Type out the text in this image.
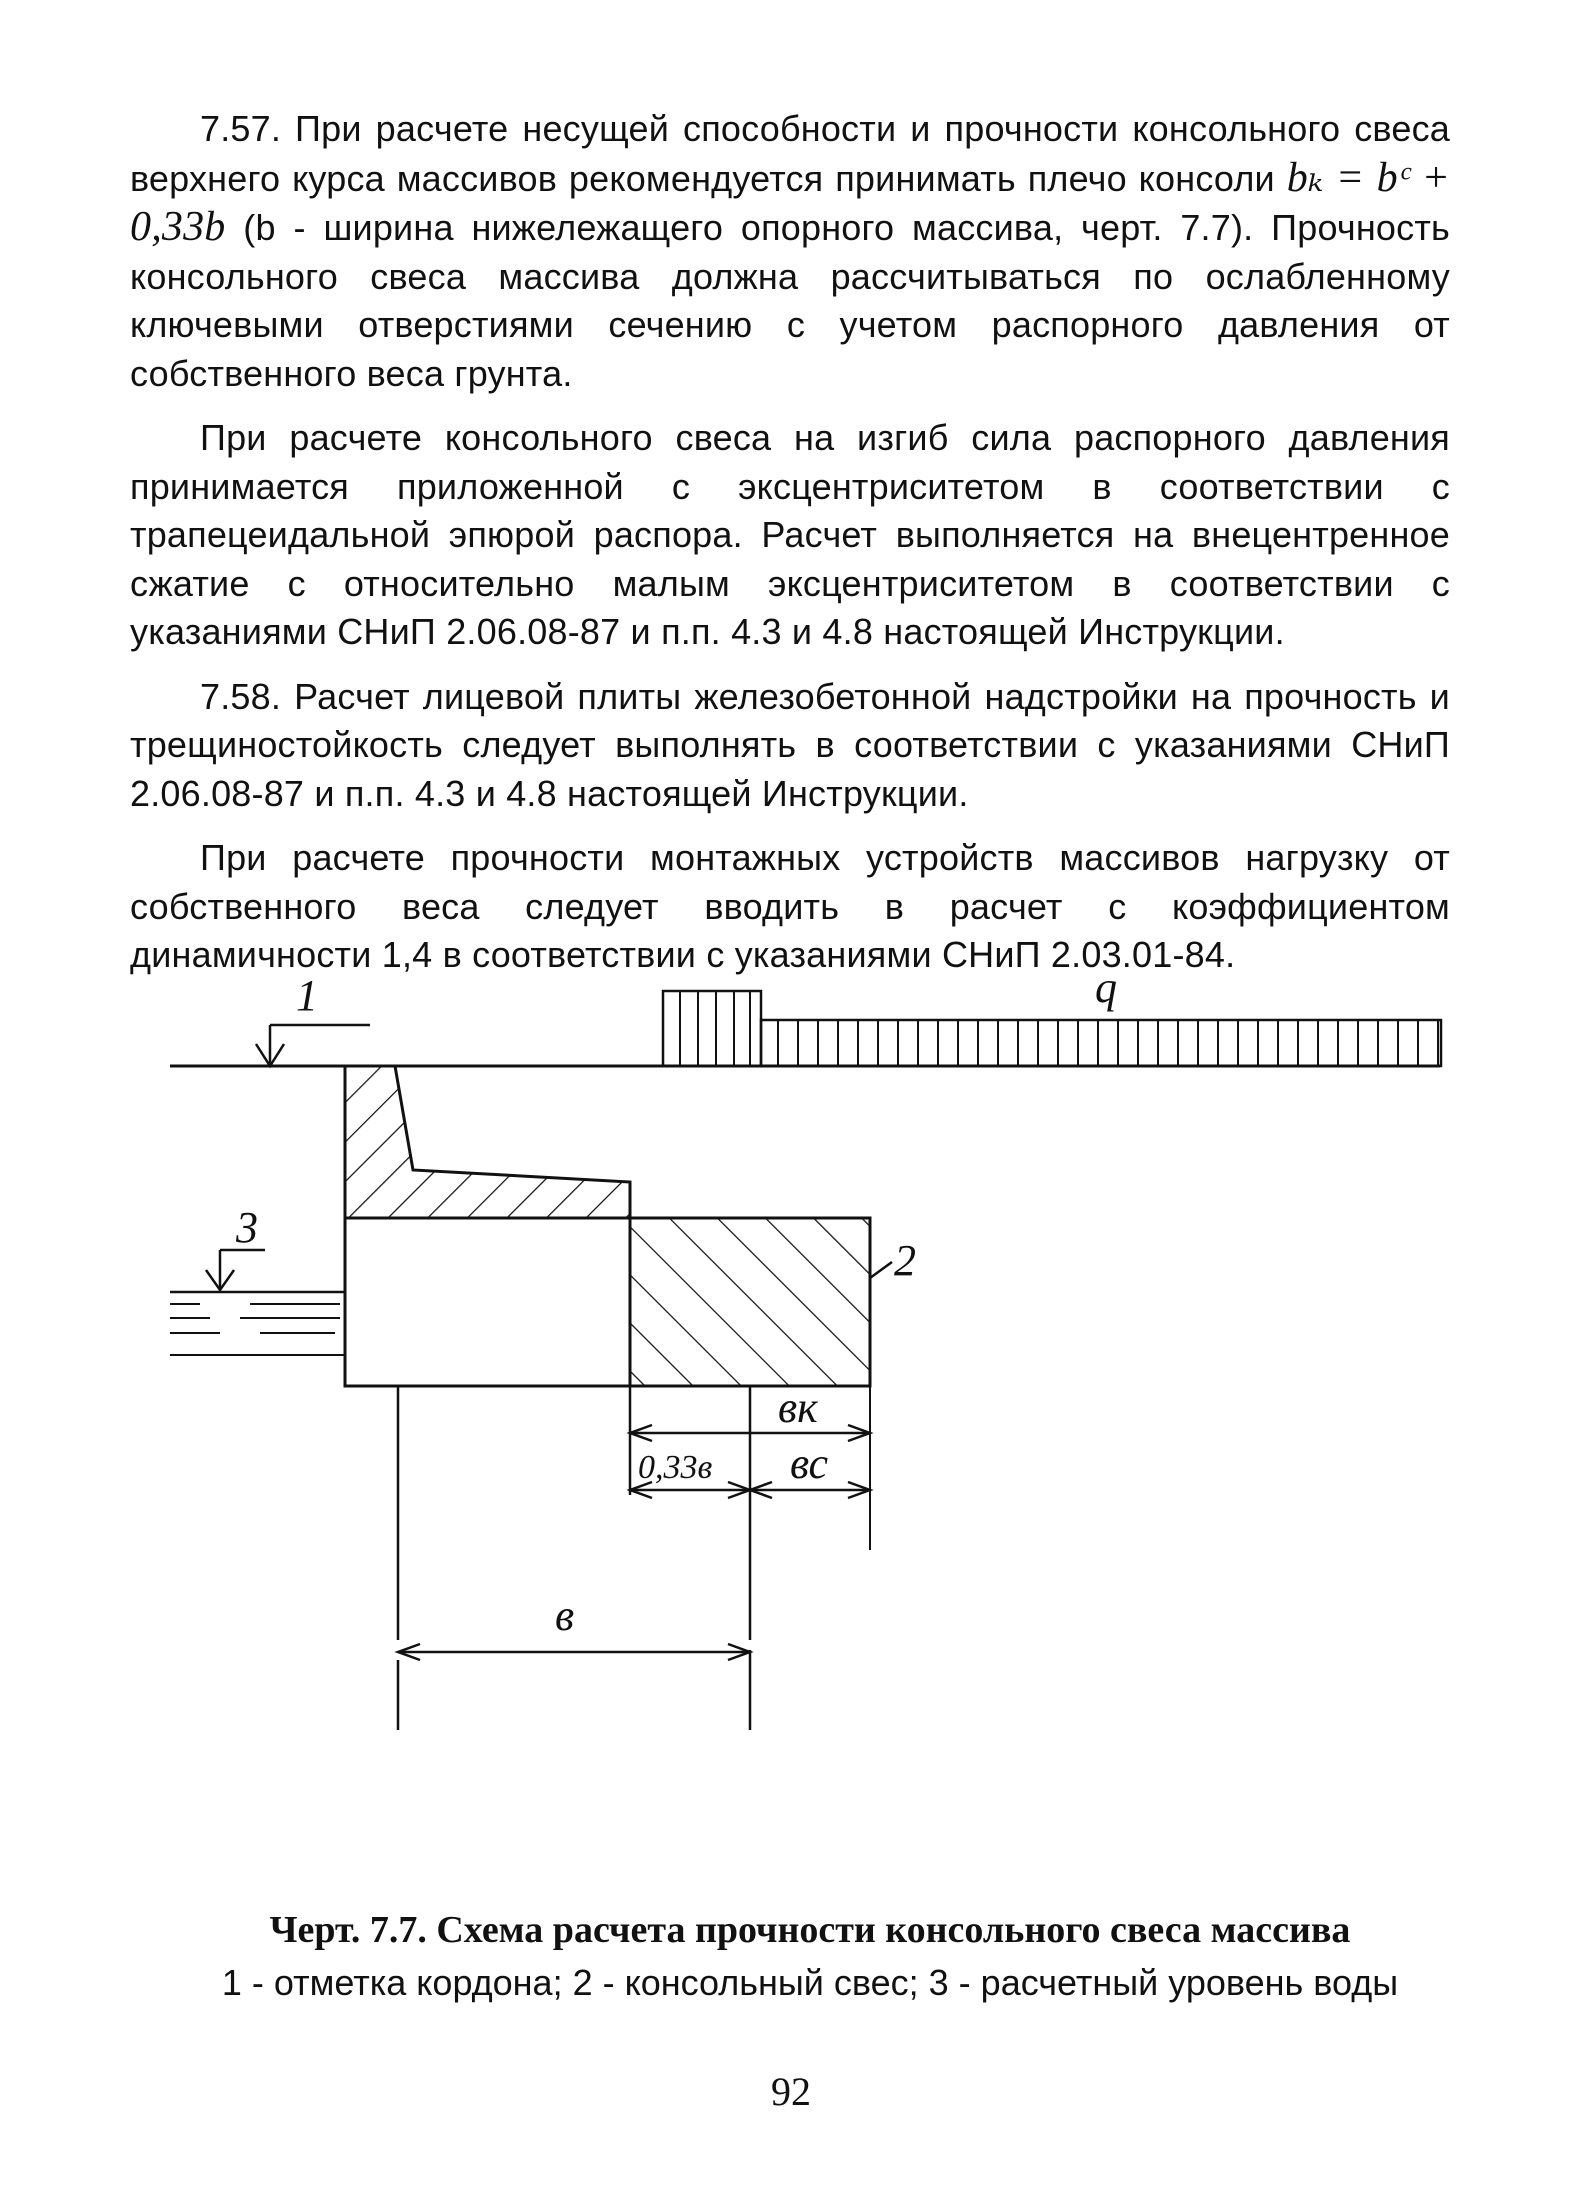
7.57. При расчете несущей способности и прочности консольного свеса верхнего курса массивов рекомендуется принимать плечо консоли bₖ = bᶜ + 0,33b (b - ширина нижележащего опорного массива, черт. 7.7). Прочность консольного свеса массива должна рассчитываться по ослабленному ключевыми отверстиями сечению с учетом распорного давления от собственного веса грунта.

При расчете консольного свеса на изгиб сила распорного давления принимается приложенной с эксцентриситетом в соответствии с трапецеидальной эпюрой распора. Расчет выполняется на внецентренное сжатие с относительно малым эксцентриситетом в соответствии с указаниями СНиП 2.06.08-87 и п.п. 4.3 и 4.8 настоящей Инструкции.

7.58. Расчет лицевой плиты железобетонной надстройки на прочность и трещиностойкость следует выполнять в соответствии с указаниями СНиП 2.06.08-87 и п.п. 4.3 и 4.8 настоящей Инструкции.

При расчете прочности монтажных устройств массивов нагрузку от собственного веса следует вводить в расчет с коэффициентом динамичности 1,4 в соответствии с указаниями СНиП 2.03.01-84.

1	q
2
3
вк
0,33в вс
в
Черт. 7.7. Схема расчета прочности консольного свеса массива
1 - отметка кордона; 2 - консольный свес; 3 - расчетный уровень воды
92
